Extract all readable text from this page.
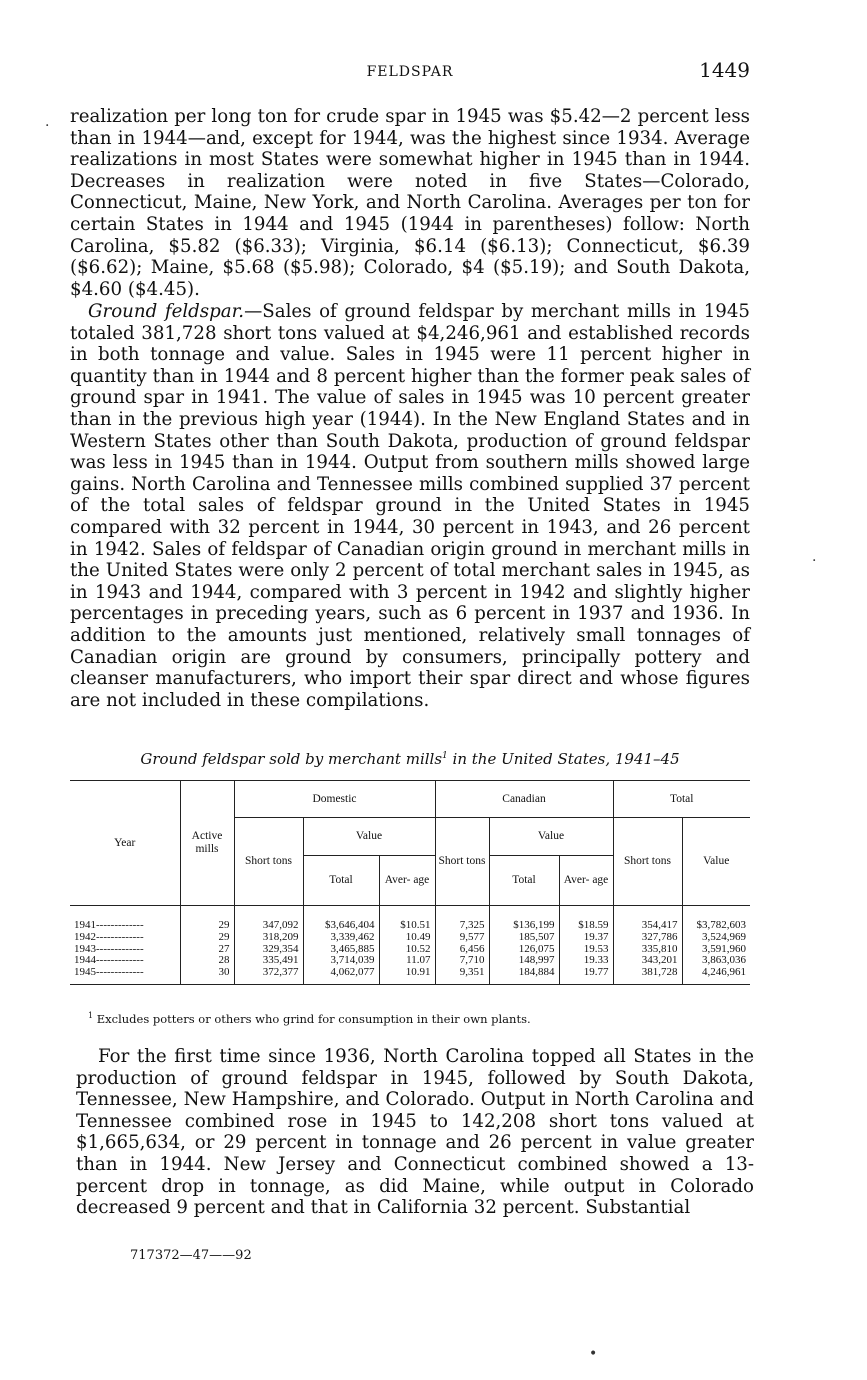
FELDSPAR	1449

realization per long ton for crude spar in 1945 was $5.42—2 percent less than in 1944—and, except for 1944, was the highest since 1934. Average realizations in most States were somewhat higher in 1945 than in 1944. Decreases in realization were noted in five States—Colorado, Connecticut, Maine, New York, and North Carolina. Averages per ton for certain States in 1944 and 1945 (1944 in parentheses) follow: North Carolina, $5.82 ($6.33); Virginia, $6.14 ($6.13); Connecticut, $6.39 ($6.62); Maine, $5.68 ($5.98); Colorado, $4 ($5.19); and South Dakota, $4.60 ($4.45).

Ground feldspar.—Sales of ground feldspar by merchant mills in 1945 totaled 381,728 short tons valued at $4,246,961 and established records in both tonnage and value. Sales in 1945 were 11 percent higher in quantity than in 1944 and 8 percent higher than the former peak sales of ground spar in 1941. The value of sales in 1945 was 10 percent greater than in the previous high year (1944). In the New England States and in Western States other than South Dakota, production of ground feldspar was less in 1945 than in 1944. Output from southern mills showed large gains. North Carolina and Tennessee mills combined supplied 37 percent of the total sales of feldspar ground in the United States in 1945 compared with 32 percent in 1944, 30 percent in 1943, and 26 percent in 1942. Sales of feldspar of Canadian origin ground in merchant mills in the United States were only 2 percent of total merchant sales in 1945, as in 1943 and 1944, compared with 3 percent in 1942 and slightly higher percentages in preceding years, such as 6 percent in 1937 and 1936. In addition to the amounts just mentioned, relatively small tonnages of Canadian origin are ground by consumers, principally pottery and cleanser manufacturers, who import their spar direct and whose figures are not included in these compilations.

Ground feldspar sold by merchant mills$^1$ in the United States, 1941–45
Year	Active mills	Domestic			Canadian			Total	
		Short tons	Value		Short tons	Value		Short tons	Value
			Total	Aver- age		Total	Aver- age		
1941-------------	29	347,092	$3,646,404	$10.51	7,325	$136,199	$18.59	354,417	$3,782,603
1942-------------	29	318,209	3,339,462	10.49	9,577	185,507	19.37	327,786	3,524,969
1943-------------	27	329,354	3,465,885	10.52	6,456	126,075	19.53	335,810	3,591,960
1944-------------	28	335,491	3,714,039	11.07	7,710	148,997	19.33	343,201	3,863,036
1945-------------	30	372,377	4,062,077	10.91	9,351	184,884	19.77	381,728	4,246,961
$^1$ Excludes potters or others who grind for consumption in their own plants.

For the first time since 1936, North Carolina topped all States in the production of ground feldspar in 1945, followed by South Dakota, Tennessee, New Hampshire, and Colorado. Output in North Carolina and Tennessee combined rose in 1945 to 142,208 short tons valued at $1,665,634, or 29 percent in tonnage and 26 percent in value greater than in 1944. New Jersey and Connecticut combined showed a 13-percent drop in tonnage, as did Maine, while output in Colorado decreased 9 percent and that in California 32 percent. Substantial

717372—47——92
·
·
•
